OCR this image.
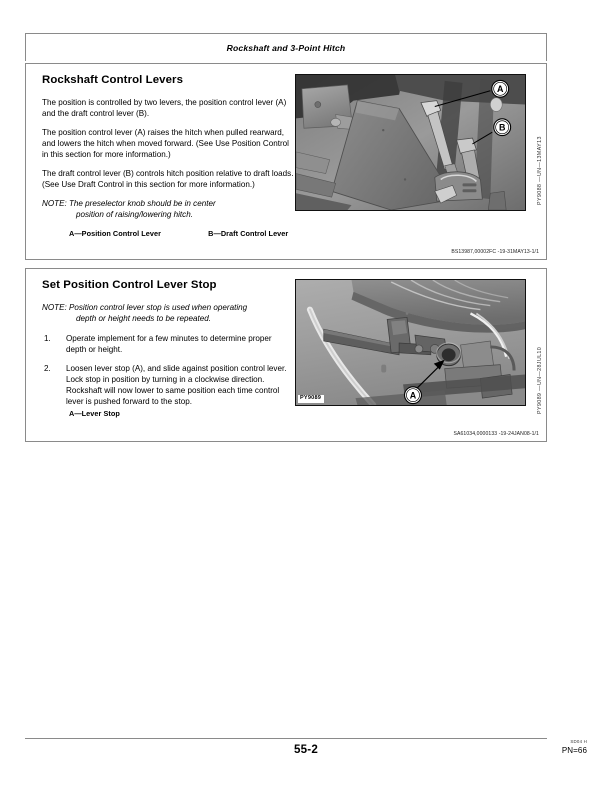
Rockshaft and 3-Point Hitch
Rockshaft Control Levers

The position is controlled by two levers, the position control lever (A) and the draft control lever (B).

The position control lever (A) raises the hitch when pulled rearward, and lowers the hitch when moved forward. (See Use Position Control in this section for more information.)

The draft control lever (B) controls hitch position relative to draft loads. (See Use Draft Control in this section for more information.)

NOTE: The preselector knob should be in center
position of raising/lowering hitch.

A—Position Control Lever	B—Draft Control Lever
BS13987,00002FC -19-31MAY13-1/1
A
B
PY9088 —UN—13MAY13
Set Position Control Lever Stop

NOTE: Position control lever stop is used when operating
depth or height needs to be repeated.

1.	Operate implement for a few minutes to determine proper depth or height.
2.	Loosen lever stop (A), and slide against position control lever. Lock stop in position by turning in a clockwise direction. Rockshaft will now lower to same position each time control lever is pushed forward to the stop.
A—Lever Stop
SA61034,0000133 -19-24JAN08-1/1
A
PY9089	PY9089 —UN—28JUL10
55-2
SD04 H
PN=66
